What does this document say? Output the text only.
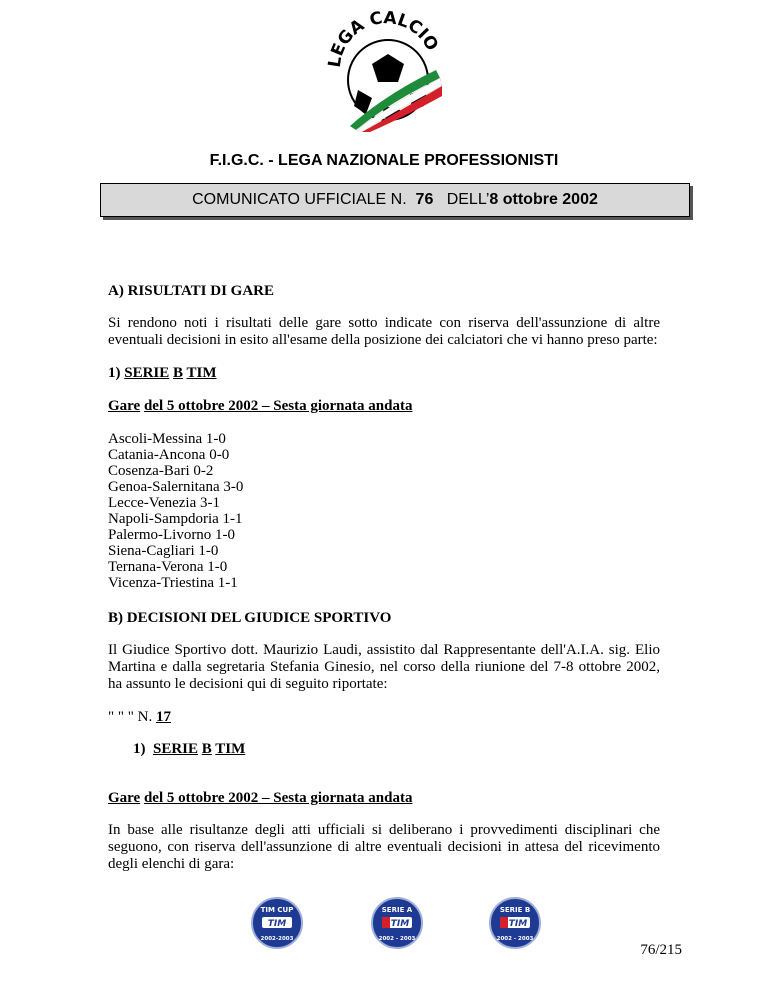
LEGA CALCIO
F.I.G.C. - LEGA NAZIONALE PROFESSIONISTI
COMUNICATO UFFICIALE N. 76 DELL’8 ottobre 2002
A) RISULTATI DI GARE
Si rendono noti i risultati delle gare sotto indicate con riserva dell'assunzione di altre eventuali decisioni in esito all'esame della posizione dei calciatori che vi hanno preso parte:
1) SERIE B TIM
Gare del 5 ottobre 2002 – Sesta giornata andata
Ascoli-Messina 1-0
Catania-Ancona 0-0
Cosenza-Bari 0-2
Genoa-Salernitana 3-0
Lecce-Venezia 3-1
Napoli-Sampdoria 1-1
Palermo-Livorno 1-0
Siena-Cagliari 1-0
Ternana-Verona 1-0
Vicenza-Triestina 1-1
B) DECISIONI DEL GIUDICE SPORTIVO
Il Giudice Sportivo dott. Maurizio Laudi, assistito dal Rappresentante dell'A.I.A. sig. Elio Martina e dalla segretaria Stefania Ginesio, nel corso della riunione del 7-8 ottobre 2002, ha assunto le decisioni qui di seguito riportate:
" " " N. 17
1) SERIE B TIM
Gare del 5 ottobre 2002 – Sesta giornata andata
In base alle risultanze degli atti ufficiali si deliberano i provvedimenti disciplinari che seguono, con riserva dell'assunzione di altre eventuali decisioni in attesa del ricevimento degli elenchi di gara:
TIM CUP
TIM
2002-2003
SERIE A
TIM
2002 - 2003
SERIE B
TIM
2002 - 2003
76/215
